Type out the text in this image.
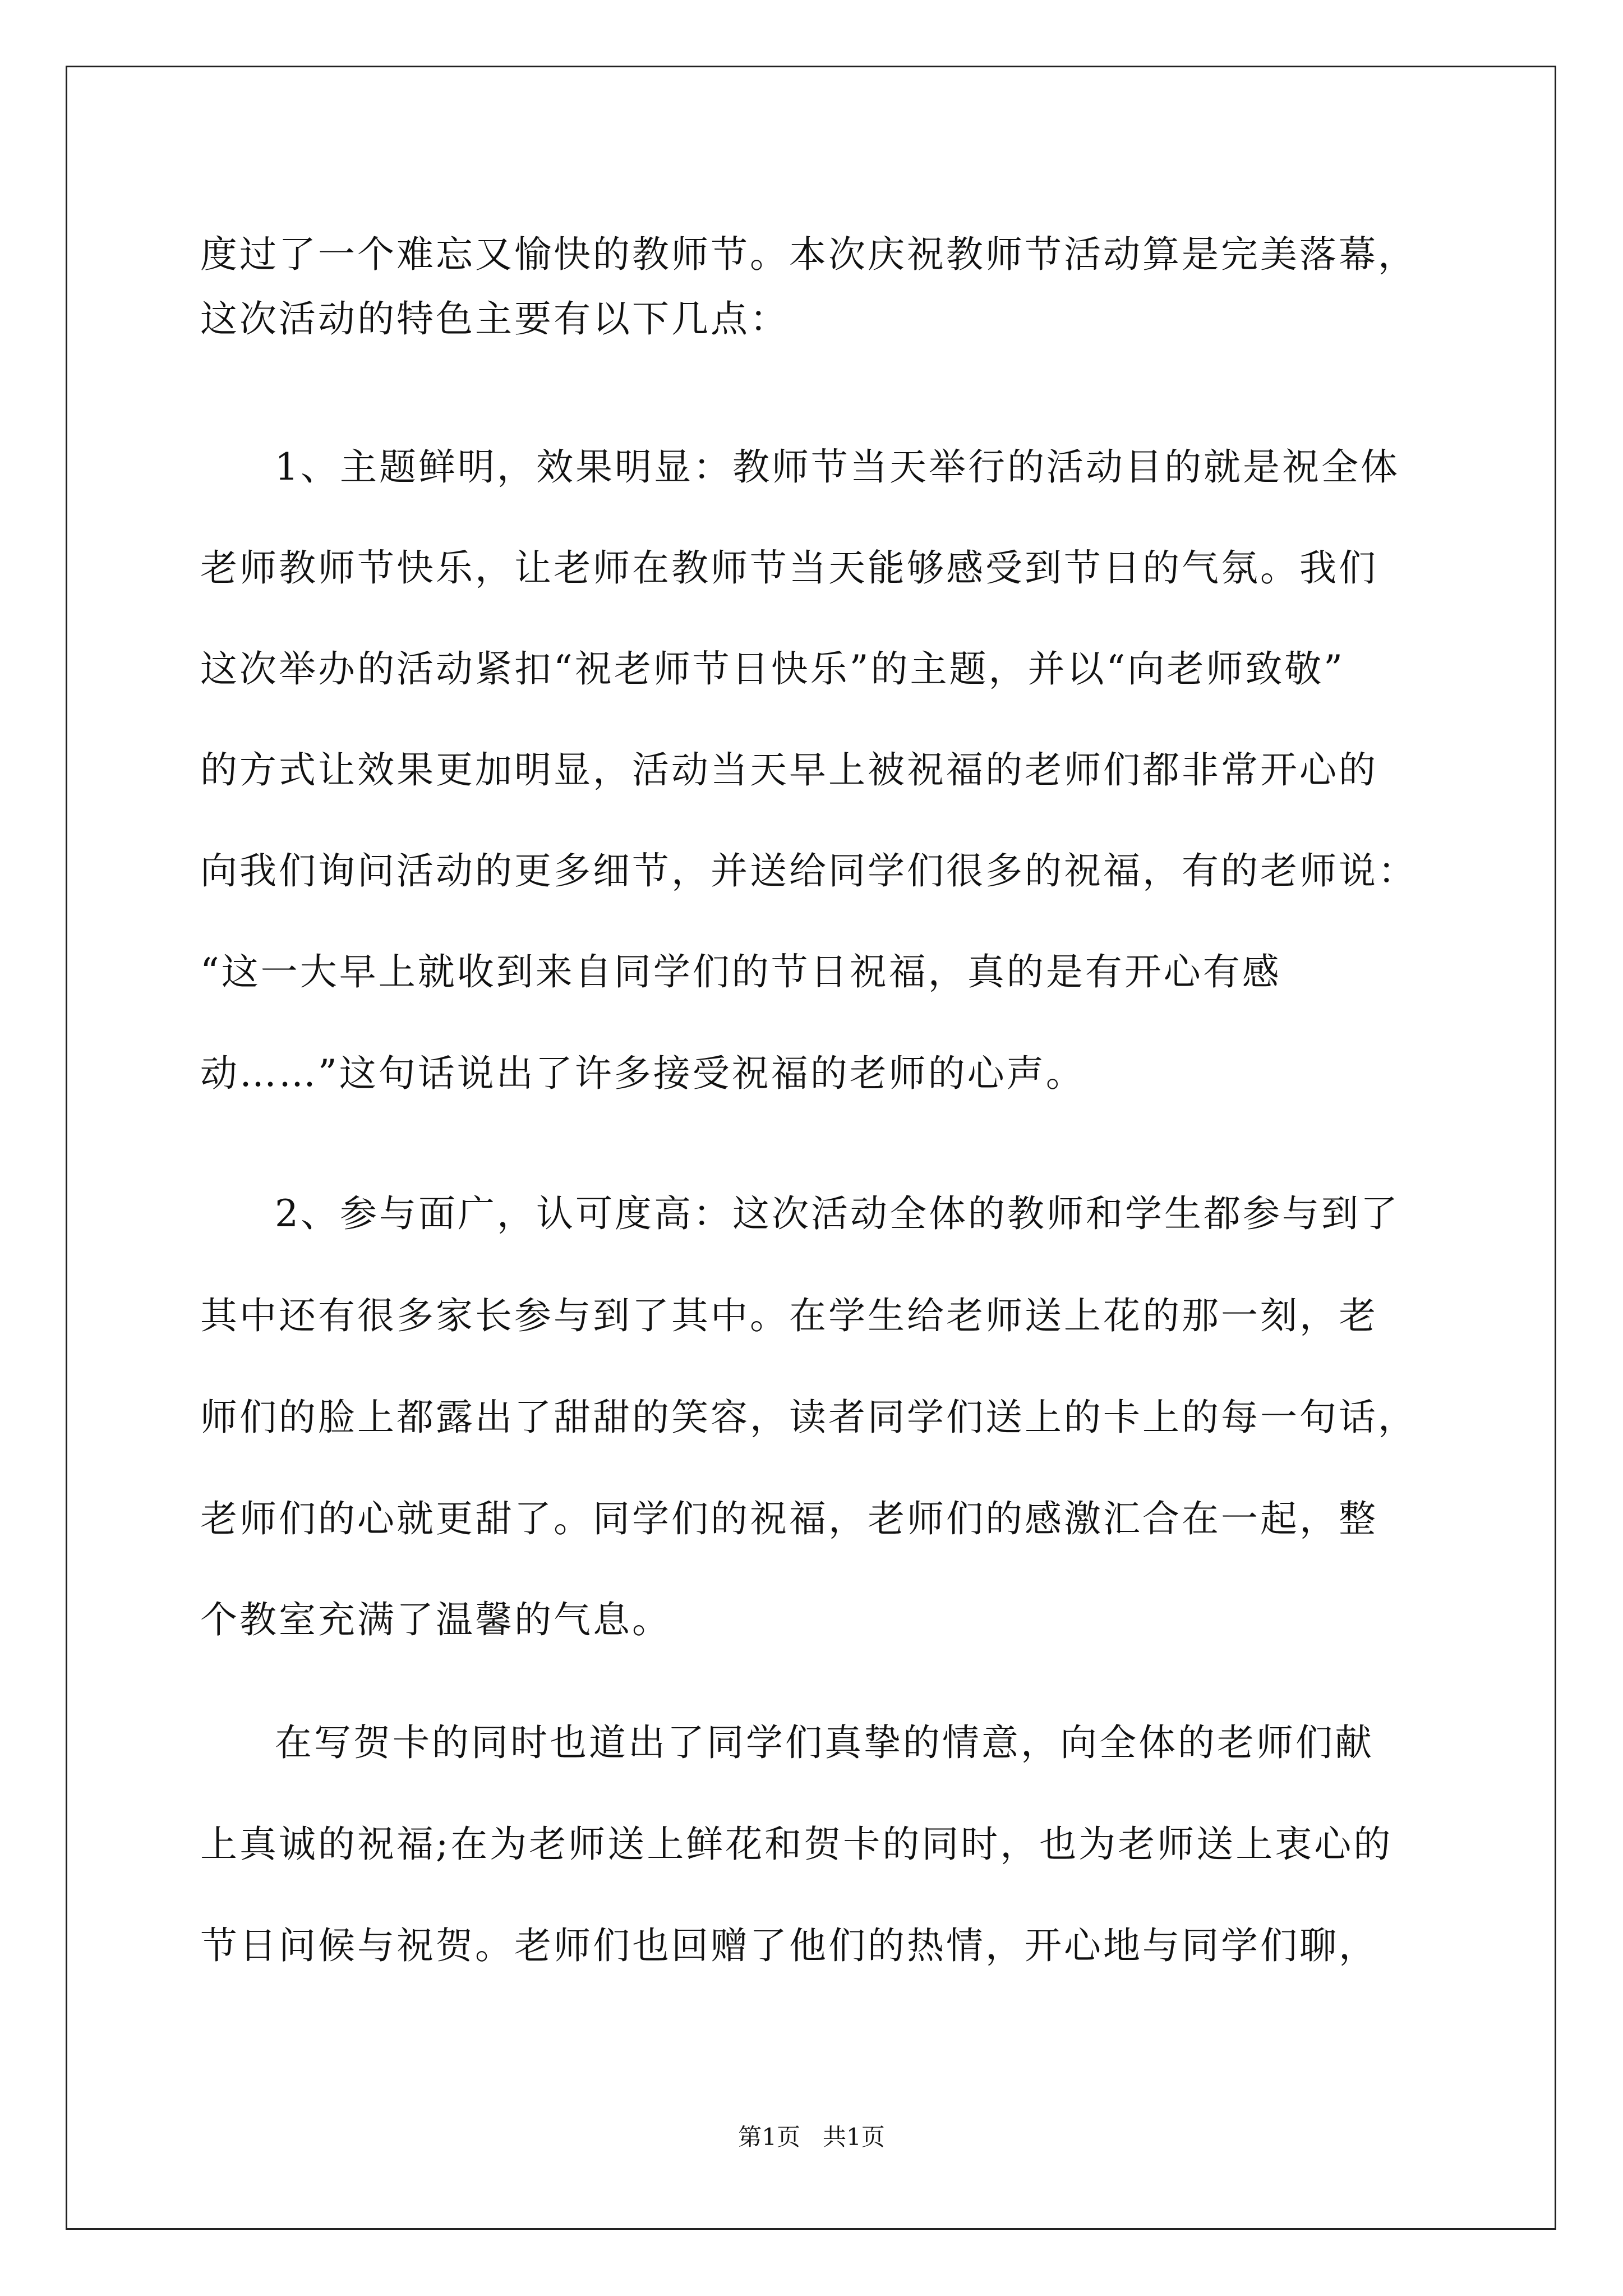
度过了一个难忘又愉快的教师节。本次庆祝教师节活动算是完美落幕，
这次活动的特色主要有以下几点：
1、主题鲜明，效果明显：教师节当天举行的活动目的就是祝全体
老师教师节快乐，让老师在教师节当天能够感受到节日的气氛。我们
这次举办的活动紧扣“祝老师节日快乐”的主题，并以“向老师致敬”
的方式让效果更加明显，活动当天早上被祝福的老师们都非常开心的
向我们询问活动的更多细节，并送给同学们很多的祝福，有的老师说：
“这一大早上就收到来自同学们的节日祝福，真的是有开心有感
动……”这句话说出了许多接受祝福的老师的心声。
2、参与面广，认可度高：这次活动全体的教师和学生都参与到了
其中还有很多家长参与到了其中。在学生给老师送上花的那一刻，老
师们的脸上都露出了甜甜的笑容，读者同学们送上的卡上的每一句话，
老师们的心就更甜了。同学们的祝福，老师们的感激汇合在一起，整
个教室充满了温馨的气息。
在写贺卡的同时也道出了同学们真挚的情意，向全体的老师们献
上真诚的祝福;在为老师送上鲜花和贺卡的同时，也为老师送上衷心的
节日问候与祝贺。老师们也回赠了他们的热情，开心地与同学们聊，
第1页   共1页
